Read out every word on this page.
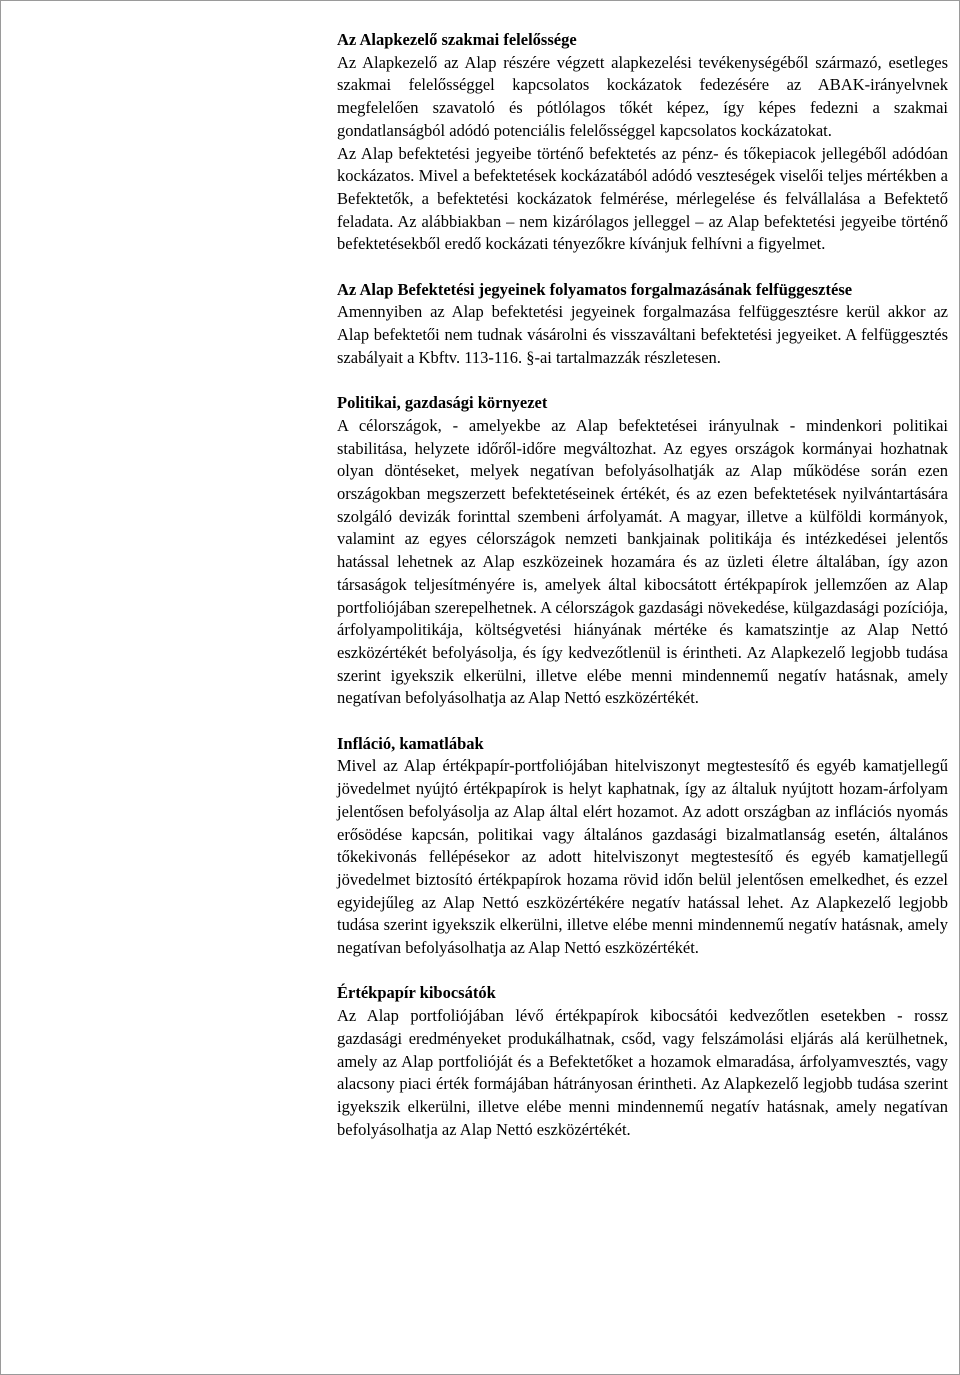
Az Alapkezelő szakmai felelőssége

Az Alapkezelő az Alap részére végzett alapkezelési tevékenységéből származó, esetleges szakmai felelősséggel kapcsolatos kockázatok fedezésére az ABAK-irányelvnek megfelelően szavatoló és pótlólagos tőkét képez, így képes fedezni a szakmai gondatlanságból adódó potenciális felelősséggel kapcsolatos kockázatokat.

Az Alap befektetési jegyeibe történő befektetés az pénz- és tőkepiacok jellegéből adódóan kockázatos. Mivel a befektetések kockázatából adódó veszteségek viselői teljes mértékben a Befektetők, a befektetési kockázatok felmérése, mérlegelése és felvállalása a Befektető feladata. Az alábbiakban – nem kizárólagos jelleggel – az Alap befektetési jegyeibe történő befektetésekből eredő kockázati tényezőkre kívánjuk felhívni a figyelmet.

Az Alap Befektetési jegyeinek folyamatos forgalmazásának felfüggesztése

Amennyiben az Alap befektetési jegyeinek forgalmazása felfüggesztésre kerül akkor az Alap befektetői nem tudnak vásárolni és visszaváltani befektetési jegyeiket. A felfüggesztés szabályait a Kbftv. 113-116. §-ai tartalmazzák részletesen.

Politikai, gazdasági környezet

A célországok, - amelyekbe az Alap befektetései irányulnak - mindenkori politikai stabilitása, helyzete időről-időre megváltozhat. Az egyes országok kormányai hozhatnak olyan döntéseket, melyek negatívan befolyásolhatják az Alap működése során ezen országokban megszerzett befektetéseinek értékét, és az ezen befektetések nyilvántartására szolgáló devizák forinttal szembeni árfolyamát. A magyar, illetve a külföldi kormányok, valamint az egyes célországok nemzeti bankjainak politikája és intézkedései jelentős hatással lehetnek az Alap eszközeinek hozamára és az üzleti életre általában, így azon társaságok teljesítményére is, amelyek által kibocsátott értékpapírok jellemzően az Alap portfoliójában szerepelhetnek. A célországok gazdasági növekedése, külgazdasági pozíciója, árfolyampolitikája, költségvetési hiányának mértéke és kamatszintje az Alap Nettó eszközértékét befolyásolja, és így kedvezőtlenül is érintheti. Az Alapkezelő legjobb tudása szerint igyekszik elkerülni, illetve elébe menni mindennemű negatív hatásnak, amely negatívan befolyásolhatja az Alap Nettó eszközértékét.

Infláció, kamatlábak

Mivel az Alap értékpapír-portfoliójában hitelviszonyt megtestesítő és egyéb kamatjellegű jövedelmet nyújtó értékpapírok is helyt kaphatnak, így az általuk nyújtott hozam-árfolyam jelentősen befolyásolja az Alap által elért hozamot. Az adott országban az inflációs nyomás erősödése kapcsán, politikai vagy általános gazdasági bizalmatlanság esetén, általános tőkekivonás fellépésekor az adott hitelviszonyt megtestesítő és egyéb kamatjellegű jövedelmet biztosító értékpapírok hozama rövid időn belül jelentősen emelkedhet, és ezzel egyidejűleg az Alap Nettó eszközértékére negatív hatással lehet. Az Alapkezelő legjobb tudása szerint igyekszik elkerülni, illetve elébe menni mindennemű negatív hatásnak, amely negatívan befolyásolhatja az Alap Nettó eszközértékét.

Értékpapír kibocsátók

Az Alap portfoliójában lévő értékpapírok kibocsátói kedvezőtlen esetekben - rossz gazdasági eredményeket produkálhatnak, csőd, vagy felszámolási eljárás alá kerülhetnek, amely az Alap portfolióját és a Befektetőket a hozamok elmaradása, árfolyamvesztés, vagy alacsony piaci érték formájában hátrányosan érintheti. Az Alapkezelő legjobb tudása szerint igyekszik elkerülni, illetve elébe menni mindennemű negatív hatásnak, amely negatívan befolyásolhatja az Alap Nettó eszközértékét.
